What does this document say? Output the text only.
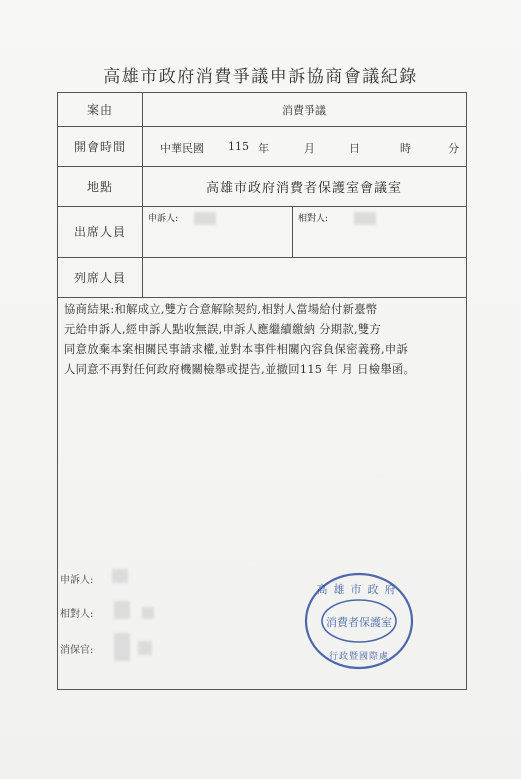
高雄市政府消費爭議申訴協商會議紀錄
案由	消費爭議
開會時間	中華民國 115 年	月	日	時	分
地點	高雄市政府消費者保護室會議室
出席人員
申訴人:	相對人:
列席人員
協商結果:和解成立,雙方合意解除契約,相對人當場給付新臺幣
元給申訴人,經申訴人點收無誤,申訴人應繼續繳納 分期款,雙方
同意放棄本案相關民事請求權,並對本事件相關內容負保密義務,申訴
人同意不再對任何政府機關檢舉或提告,並撤回115 年 月 日檢舉函。
申訴人:
相對人:
消保官:
高雄市政府
消費者保護室
行政暨國際處
